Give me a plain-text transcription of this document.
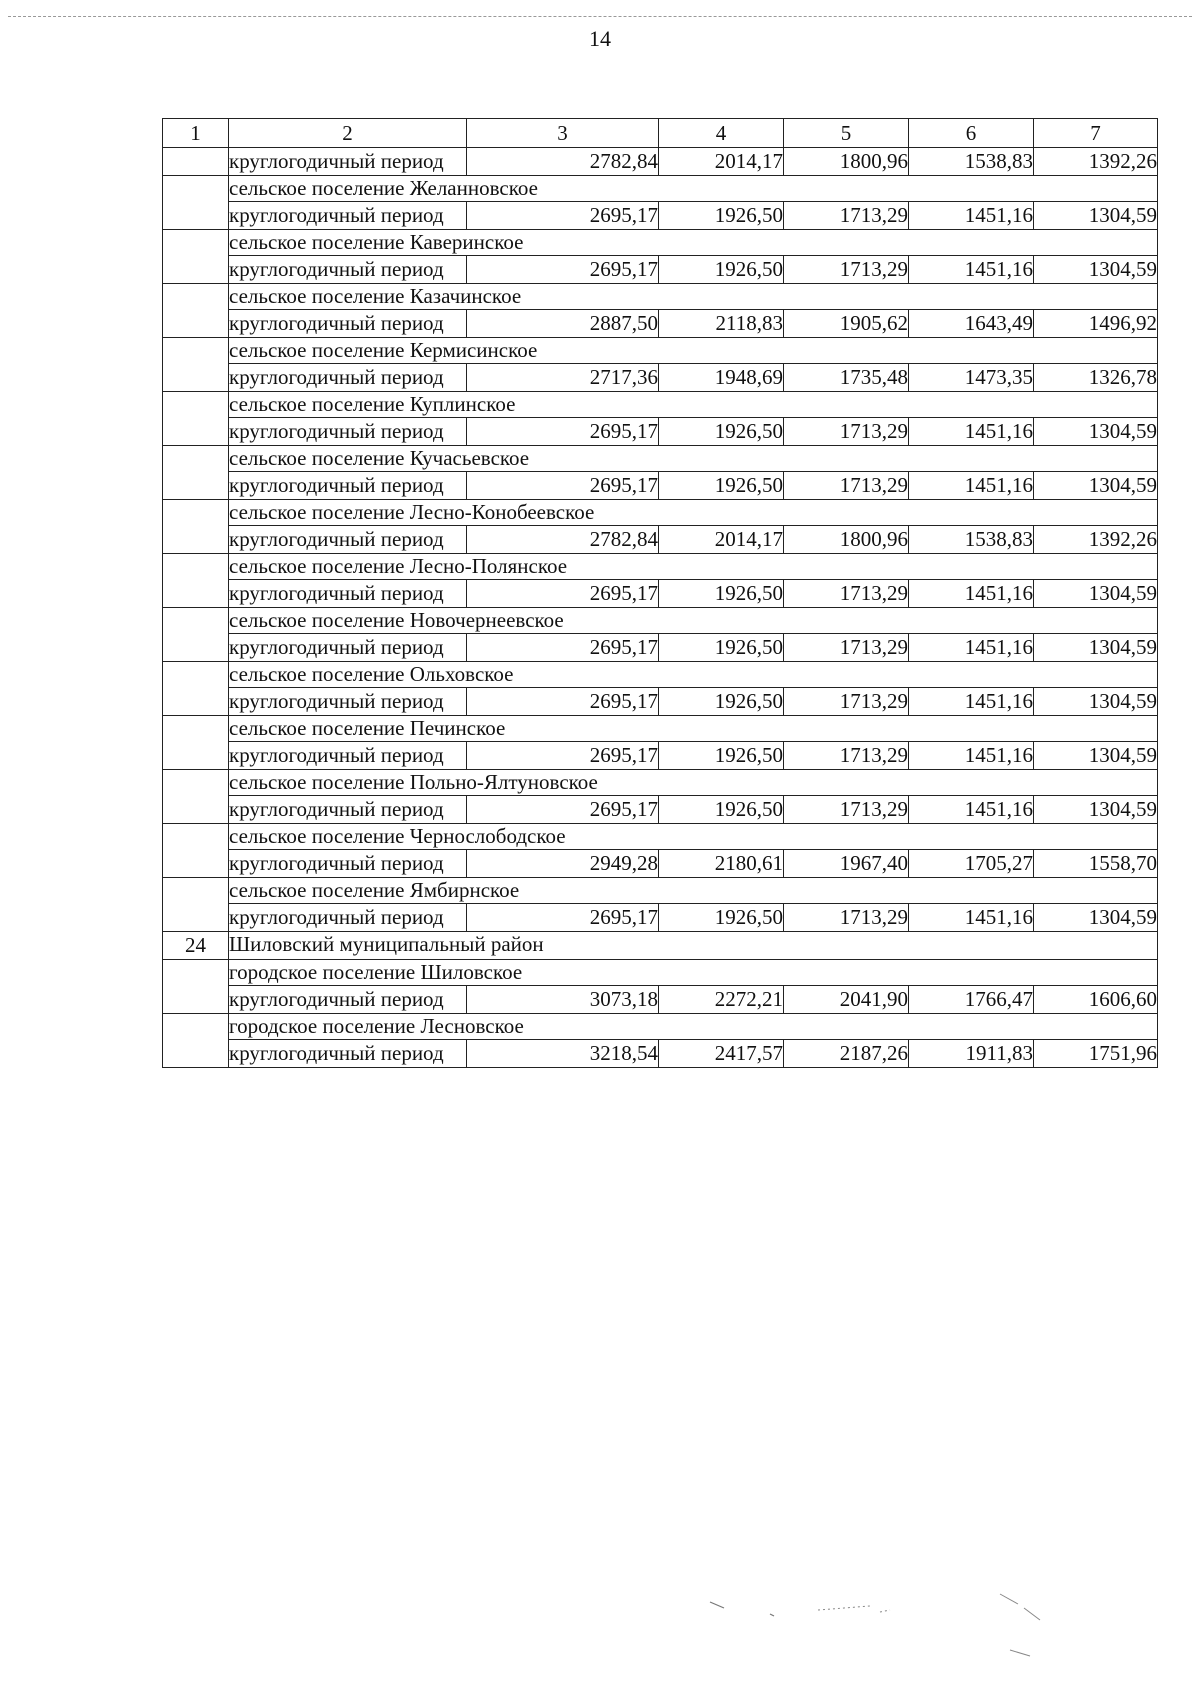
14
1	2	3	4	5	6	7
	круглогодичный период	2782,84	2014,17	1800,96	1538,83	1392,26
	сельское поселение Желанновское					
	круглогодичный период	2695,17	1926,50	1713,29	1451,16	1304,59
	сельское поселение Каверинское					
	круглогодичный период	2695,17	1926,50	1713,29	1451,16	1304,59
	сельское поселение Казачинское					
	круглогодичный период	2887,50	2118,83	1905,62	1643,49	1496,92
	сельское поселение Кермисинское					
	круглогодичный период	2717,36	1948,69	1735,48	1473,35	1326,78
	сельское поселение Куплинское					
	круглогодичный период	2695,17	1926,50	1713,29	1451,16	1304,59
	сельское поселение Кучасьевское					
	круглогодичный период	2695,17	1926,50	1713,29	1451,16	1304,59
	сельское поселение Лесно-Конобеевское					
	круглогодичный период	2782,84	2014,17	1800,96	1538,83	1392,26
	сельское поселение Лесно-Полянское					
	круглогодичный период	2695,17	1926,50	1713,29	1451,16	1304,59
	сельское поселение Новочернеевское					
	круглогодичный период	2695,17	1926,50	1713,29	1451,16	1304,59
	сельское поселение Ольховское					
	круглогодичный период	2695,17	1926,50	1713,29	1451,16	1304,59
	сельское поселение Печинское					
	круглогодичный период	2695,17	1926,50	1713,29	1451,16	1304,59
	сельское поселение Польно-Ялтуновское					
	круглогодичный период	2695,17	1926,50	1713,29	1451,16	1304,59
	сельское поселение Чернослободское					
	круглогодичный период	2949,28	2180,61	1967,40	1705,27	1558,70
	сельское поселение Ямбирнское					
	круглогодичный период	2695,17	1926,50	1713,29	1451,16	1304,59
24	Шиловский муниципальный район					
	городское поселение Шиловское					
	круглогодичный период	3073,18	2272,21	2041,90	1766,47	1606,60
	городское поселение Лесновское					
	круглогодичный период	3218,54	2417,57	2187,26	1911,83	1751,96
